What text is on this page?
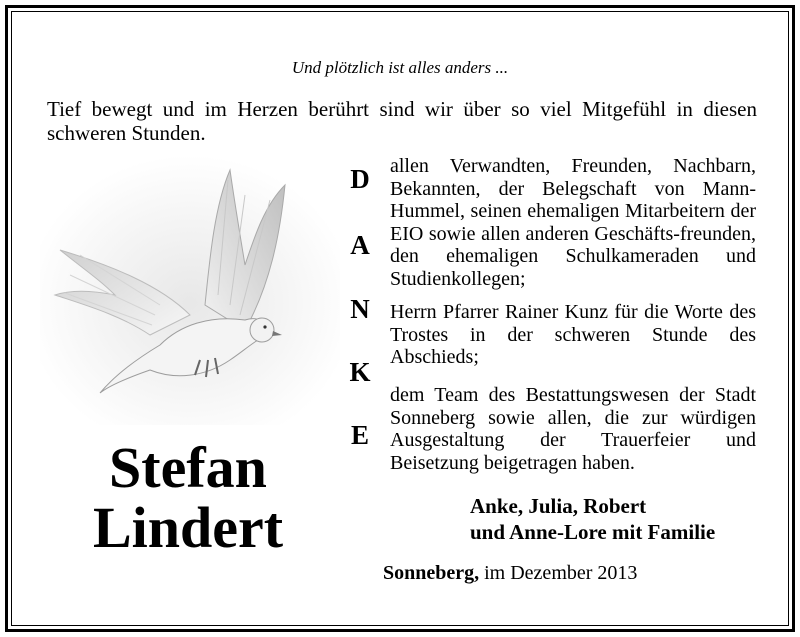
Und plötzlich ist alles anders ...
Tief bewegt und im Herzen berührt sind wir über so viel Mitgefühl in diesen schweren Stunden.
Stefan
Lindert
D
A
N
K
E
allen Verwandten, Freunden, Nachbarn, Bekannten, der Belegschaft von Mann-Hummel, seinen ehemaligen Mitarbeitern der EIO sowie allen anderen Geschäfts-freunden, den ehemaligen Schulkameraden und Studienkollegen;
Herrn Pfarrer Rainer Kunz für die Worte des Trostes in der schweren Stunde des Abschieds;
dem Team des Bestattungswesen der Stadt Sonneberg sowie allen, die zur würdigen Ausgestaltung der Trauerfeier und Beisetzung beigetragen haben.
Anke, Julia, Robert
und Anne-Lore mit Familie
Sonneberg, im Dezember 2013
